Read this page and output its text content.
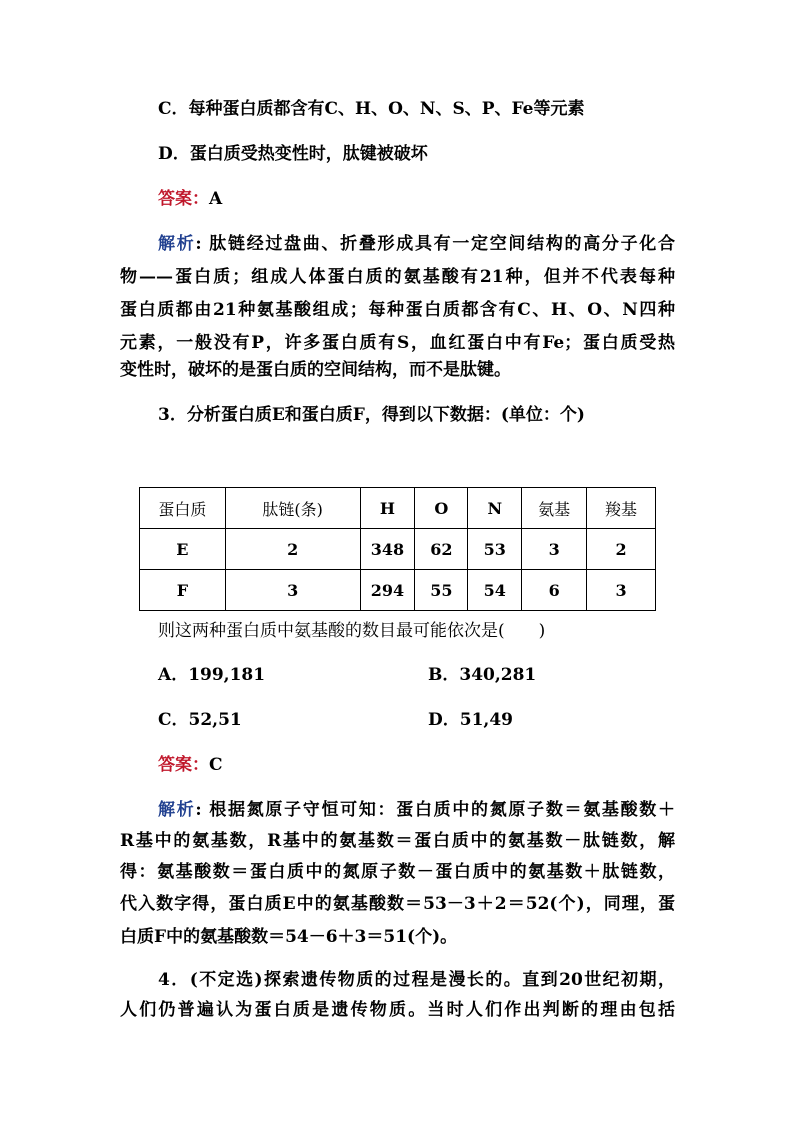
C．每种蛋白质都含有C、H、O、N、S、P、Fe等元素
D．蛋白质受热变性时，肽键被破坏
答案：A
解析: 肽链经过盘曲、折叠形成具有一定空间结构的高分子化合
物——蛋白质；组成人体蛋白质的氨基酸有21种，但并不代表每种
蛋白质都由21种氨基酸组成；每种蛋白质都含有C、H、O、N四种
元素，一般没有P，许多蛋白质有S，血红蛋白中有Fe；蛋白质受热
变性时，破坏的是蛋白质的空间结构，而不是肽键。
3．分析蛋白质E和蛋白质F，得到以下数据：(单位：个)
蛋白质	肽链(条)	H	O	N	氨基	羧基
E	2	348	62	53	3	2
F	3	294	55	54	6	3
则这两种蛋白质中氨基酸的数目最可能依次是(　　)
A．199,181	B．340,281
C．52,51	D．51,49
答案：C
解析: 根据氮原子守恒可知：蛋白质中的氮原子数＝氨基酸数＋
R基中的氨基数，R基中的氨基数＝蛋白质中的氨基数－肽链数，解
得：氨基酸数＝蛋白质中的氮原子数－蛋白质中的氨基数＋肽链数，
代入数字得，蛋白质E中的氨基酸数＝53－3＋2＝52(个)，同理，蛋
白质F中的氨基酸数＝54－6＋3＝51(个)。
4．(不定选)探索遗传物质的过程是漫长的。直到20世纪初期，
人们仍普遍认为蛋白质是遗传物质。当时人们作出判断的理由包括
